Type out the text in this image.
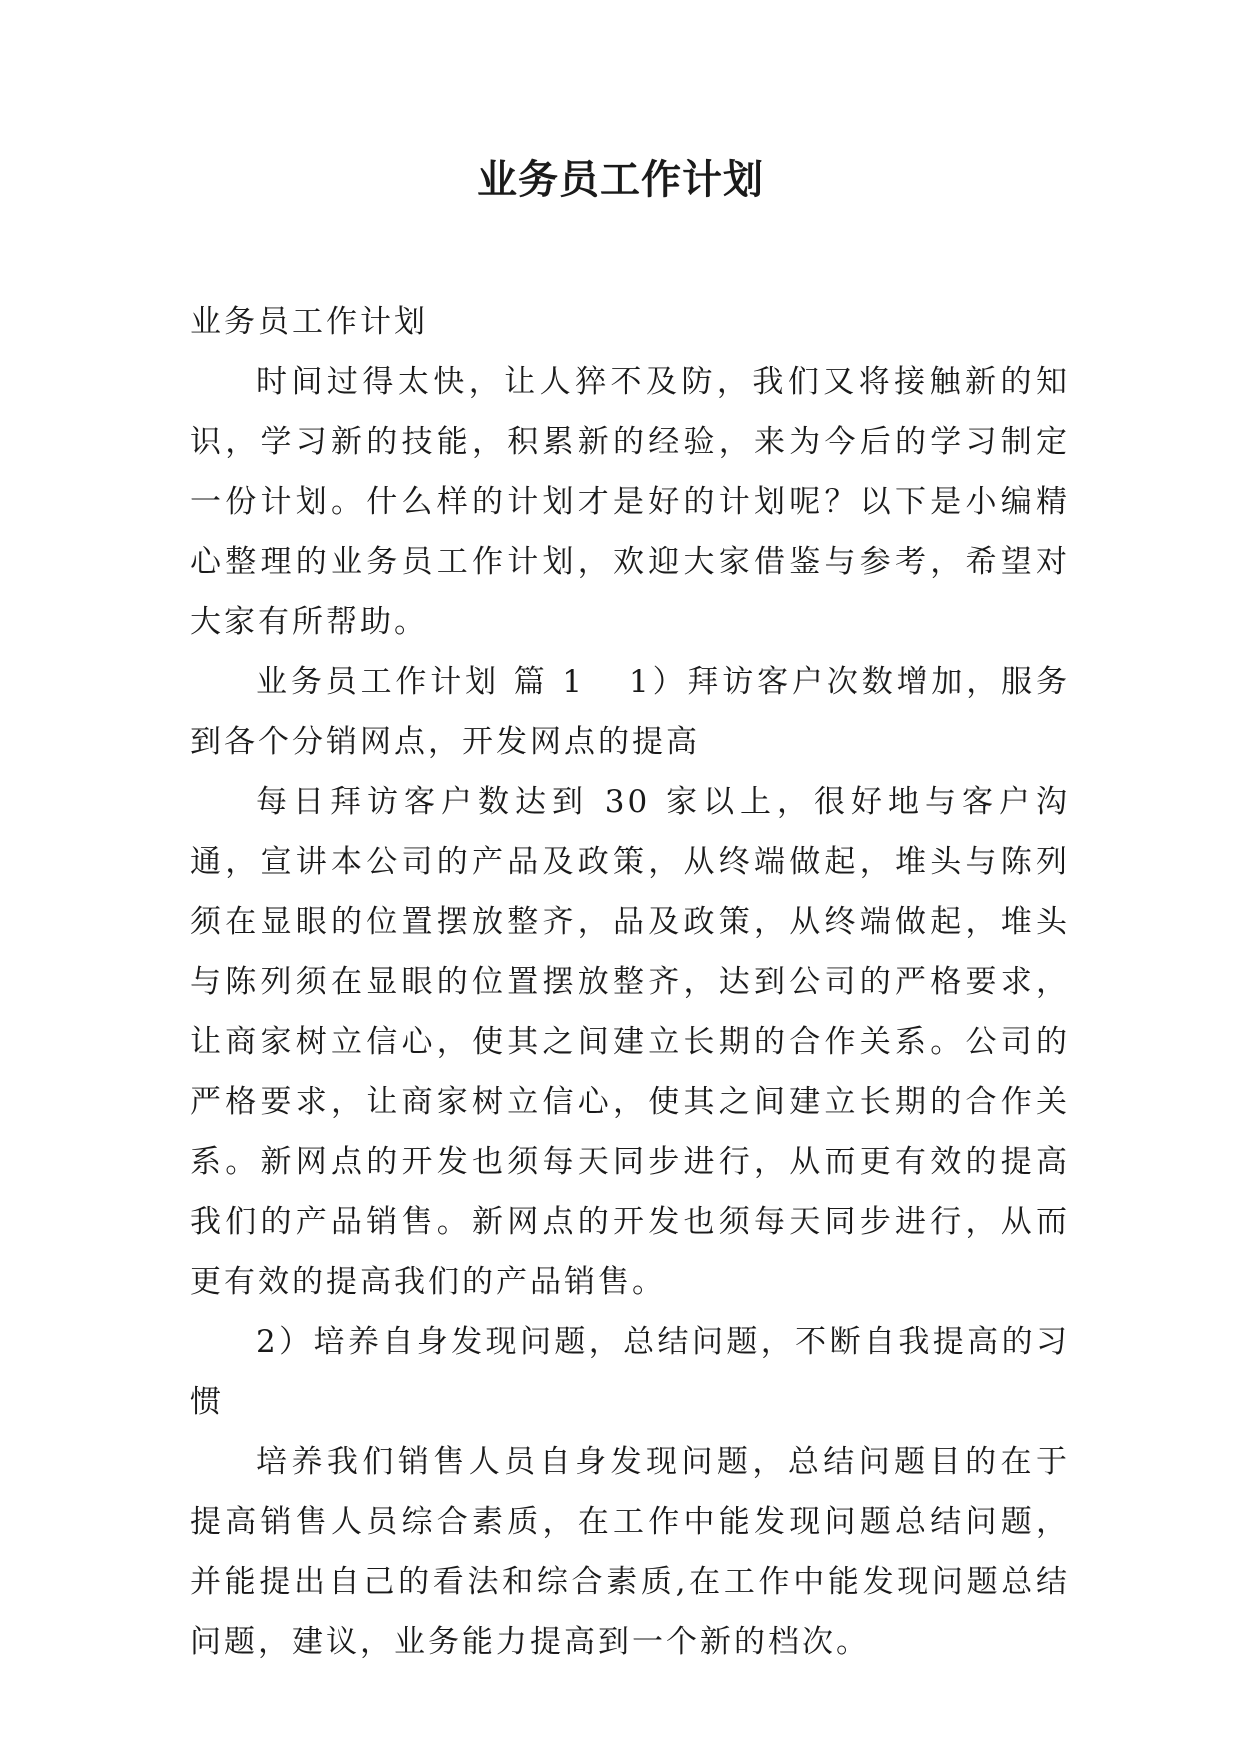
业务员工作计划

业务员工作计划

时间过得太快，让人猝不及防，我们又将接触新的知识，学习新的技能，积累新的经验，来为今后的学习制定一份计划。什么样的计划才是好的计划呢？以下是小编精心整理的业务员工作计划，欢迎大家借鉴与参考，希望对大家有所帮助。

业务员工作计划 篇 1 1）拜访客户次数增加，服务到各个分销网点，开发网点的提高

每日拜访客户数达到 30 家以上，很好地与客户沟通，宣讲本公司的产品及政策，从终端做起，堆头与陈列须在显眼的位置摆放整齐，品及政策，从终端做起，堆头与陈列须在显眼的位置摆放整齐，达到公司的严格要求，让商家树立信心，使其之间建立长期的合作关系。公司的严格要求，让商家树立信心，使其之间建立长期的合作关系。新网点的开发也须每天同步进行，从而更有效的提高我们的产品销售。新网点的开发也须每天同步进行，从而更有效的提高我们的产品销售。

2）培养自身发现问题，总结问题，不断自我提高的习惯

培养我们销售人员自身发现问题，总结问题目的在于提高销售人员综合素质，在工作中能发现问题总结问题，并能提出自己的看法和综合素质,在工作中能发现问题总结问题，建议，业务能力提高到一个新的档次。
